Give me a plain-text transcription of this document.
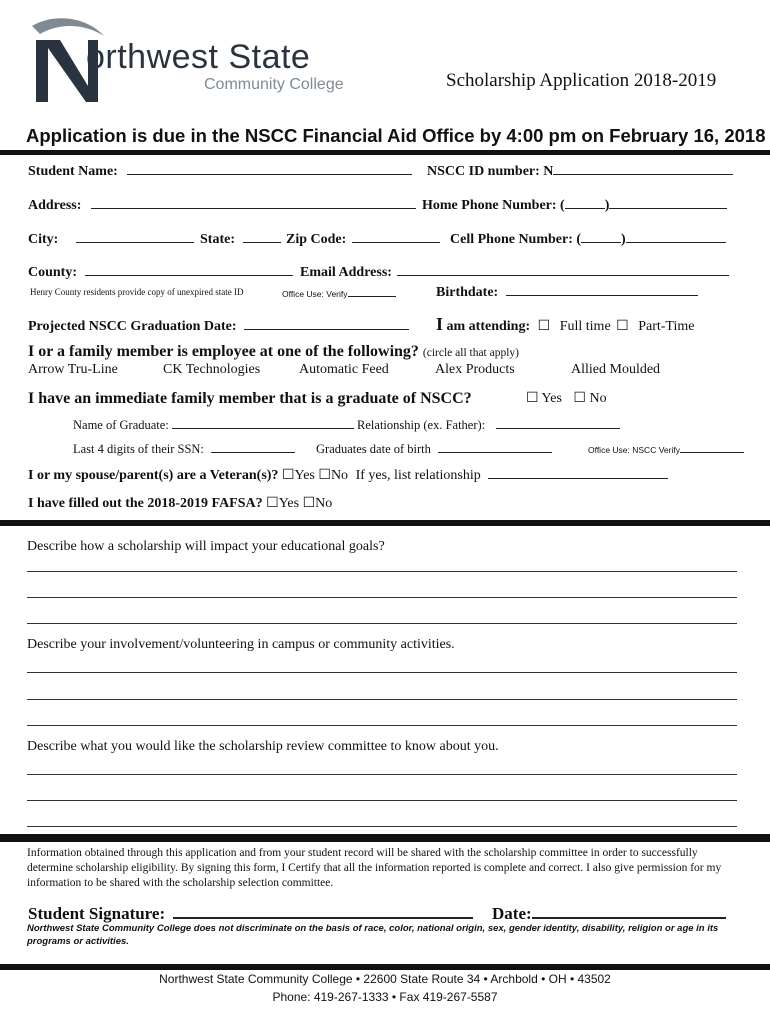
orthwest State
Community College	Scholarship Application 2018-2019
Application is due in the NSCC Financial Aid Office by 4:00 pm on February 16, 2018
Student Name:	NSCC ID number: N
Address:	Home Phone Number: (	)
City:	State:	Zip Code:	Cell Phone Number: (	)
County:	Email Address:
Henry County residents provide copy of unexpired state ID	Office Use: Verify	Birthdate:
Projected NSCC Graduation Date:	I am attending: ☐ Full time ☐ Part-Time
I or a family member is employee at one of the following? (circle all that apply)
Arrow Tru-Line	CK Technologies	Automatic Feed	Alex Products	Allied Moulded
I have an immediate family member that is a graduate of NSCC?	☐ Yes ☐ No
Name of Graduate:	Relationship (ex. Father):
Last 4 digits of their SSN:	Graduates date of birth	Office Use: NSCC Verify
I or my spouse/parent(s) are a Veteran(s)? ☐Yes ☐No If yes, list relationship
I have filled out the 2018-2019 FAFSA? ☐Yes ☐No
Describe how a scholarship will impact your educational goals?
Describe your involvement/volunteering in campus or community activities.
Describe what you would like the scholarship review committee to know about you.
Information obtained through this application and from your student record will be shared with the scholarship committee in order to successfully determine scholarship eligibility. By signing this form, I Certify that all the information reported is complete and correct. I also give permission for my information to be shared with the scholarship selection committee.
Student Signature:	Date:
Northwest State Community College does not discriminate on the basis of race, color, national origin, sex, gender identity, disability, religion or age in its programs or activities.
Northwest State Community College • 22600 State Route 34 • Archbold • OH • 43502
Phone: 419-267-1333 • Fax 419-267-5587
